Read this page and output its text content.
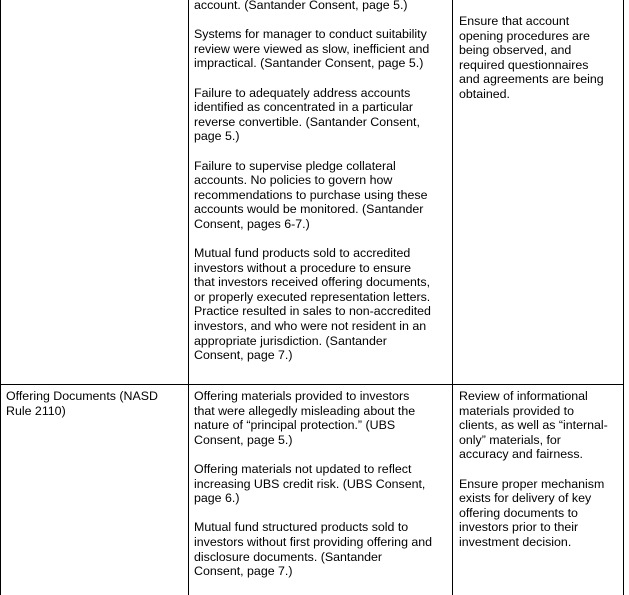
account. (Santander Consent, page 5.)

Systems for manager to conduct suitability
review were viewed as slow, inefficient and
impractical. (Santander Consent, page 5.)

Failure to adequately address accounts
identified as concentrated in a particular
reverse convertible. (Santander Consent,
page 5.)

Failure to supervise pledge collateral
accounts. No policies to govern how
recommendations to purchase using these
accounts would be monitored. (Santander
Consent, pages 6-7.)

Mutual fund products sold to accredited
investors without a procedure to ensure
that investors received offering documents,
or properly executed representation letters.
Practice resulted in sales to non-accredited
investors, and who were not resident in an
appropriate jurisdiction. (Santander
Consent, page 7.)

Ensure that account
opening procedures are
being observed, and
required questionnaires
and agreements are being
obtained.

Offering Documents (NASD
Rule 2110)

Offering materials provided to investors
that were allegedly misleading about the
nature of “principal protection.” (UBS
Consent, page 5.)

Offering materials not updated to reflect
increasing UBS credit risk. (UBS Consent,
page 6.)

Mutual fund structured products sold to
investors without first providing offering and
disclosure documents. (Santander
Consent, page 7.)

Review of informational
materials provided to
clients, as well as “internal-
only” materials, for
accuracy and fairness.

Ensure proper mechanism
exists for delivery of key
offering documents to
investors prior to their
investment decision.
